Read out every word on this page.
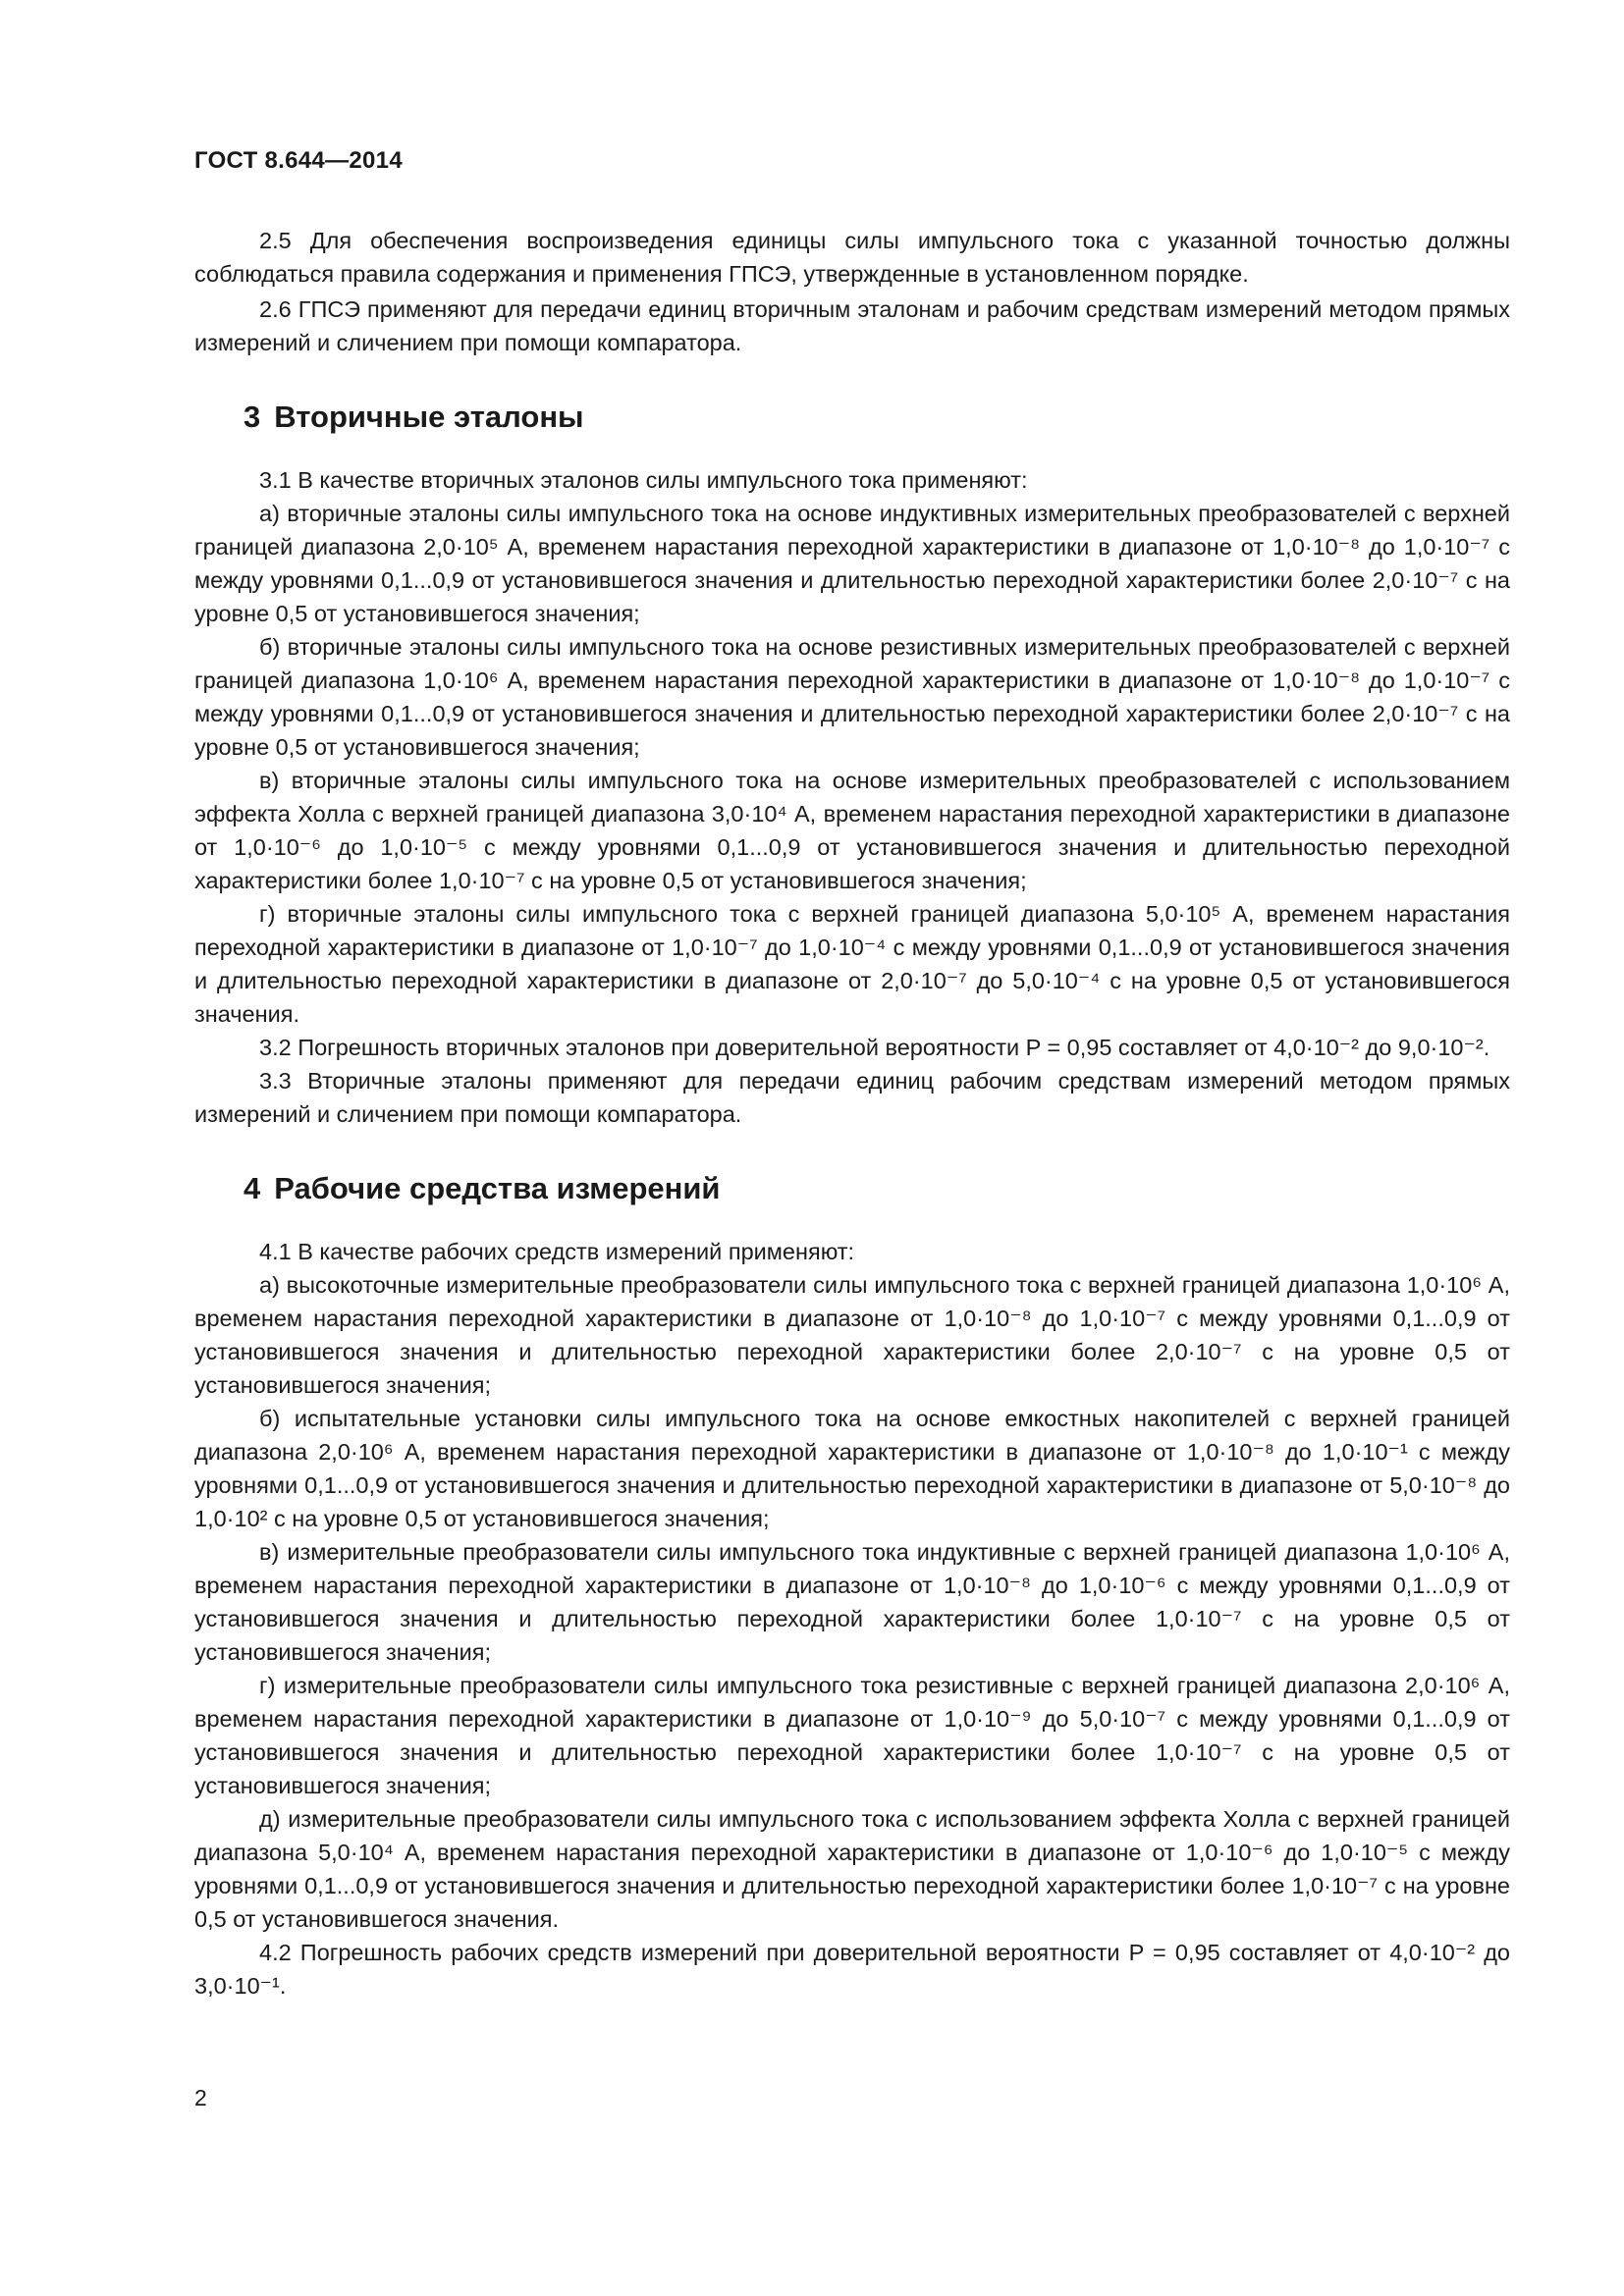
ГОСТ 8.644—2014

2.5 Для обеспечения воспроизведения единицы силы импульсного тока с указанной точностью должны соблюдаться правила содержания и применения ГПСЭ, утвержденные в установленном порядке.

2.6 ГПСЭ применяют для передачи единиц вторичным эталонам и рабочим средствам измерений методом прямых измерений и сличением при помощи компаратора.

3 Вторичные эталоны

3.1 В качестве вторичных эталонов силы импульсного тока применяют:

а) вторичные эталоны силы импульсного тока на основе индуктивных измерительных преобразователей с верхней границей диапазона 2,0·10⁵ А, временем нарастания переходной характеристики в диапазоне от 1,0·10⁻⁸ до 1,0·10⁻⁷ с между уровнями 0,1...0,9 от установившегося значения и длительностью переходной характеристики более 2,0·10⁻⁷ с на уровне 0,5 от установившегося значения;

б) вторичные эталоны силы импульсного тока на основе резистивных измерительных преобразователей с верхней границей диапазона 1,0·10⁶ А, временем нарастания переходной характеристики в диапазоне от 1,0·10⁻⁸ до 1,0·10⁻⁷ с между уровнями 0,1...0,9 от установившегося значения и длительностью переходной характеристики более 2,0·10⁻⁷ с на уровне 0,5 от установившегося значения;

в) вторичные эталоны силы импульсного тока на основе измерительных преобразователей с использованием эффекта Холла с верхней границей диапазона 3,0·10⁴ А, временем нарастания переходной характеристики в диапазоне от 1,0·10⁻⁶ до 1,0·10⁻⁵ с между уровнями 0,1...0,9 от установившегося значения и длительностью переходной характеристики более 1,0·10⁻⁷ с на уровне 0,5 от установившегося значения;

г) вторичные эталоны силы импульсного тока с верхней границей диапазона 5,0·10⁵ А, временем нарастания переходной характеристики в диапазоне от 1,0·10⁻⁷ до 1,0·10⁻⁴ с между уровнями 0,1...0,9 от установившегося значения и длительностью переходной характеристики в диапазоне от 2,0·10⁻⁷ до 5,0·10⁻⁴ с на уровне 0,5 от установившегося значения.

3.2 Погрешность вторичных эталонов при доверительной вероятности P = 0,95 составляет от 4,0·10⁻² до 9,0·10⁻².

3.3 Вторичные эталоны применяют для передачи единиц рабочим средствам измерений методом прямых измерений и сличением при помощи компаратора.

4 Рабочие средства измерений

4.1 В качестве рабочих средств измерений применяют:

а) высокоточные измерительные преобразователи силы импульсного тока с верхней границей диапазона 1,0·10⁶ А, временем нарастания переходной характеристики в диапазоне от 1,0·10⁻⁸ до 1,0·10⁻⁷ с между уровнями 0,1...0,9 от установившегося значения и длительностью переходной характеристики более 2,0·10⁻⁷ с на уровне 0,5 от установившегося значения;

б) испытательные установки силы импульсного тока на основе емкостных накопителей с верхней границей диапазона 2,0·10⁶ А, временем нарастания переходной характеристики в диапазоне от 1,0·10⁻⁸ до 1,0·10⁻¹ с между уровнями 0,1...0,9 от установившегося значения и длительностью переходной характеристики в диапазоне от 5,0·10⁻⁸ до 1,0·10² с на уровне 0,5 от установившегося значения;

в) измерительные преобразователи силы импульсного тока индуктивные с верхней границей диапазона 1,0·10⁶ А, временем нарастания переходной характеристики в диапазоне от 1,0·10⁻⁸ до 1,0·10⁻⁶ с между уровнями 0,1...0,9 от установившегося значения и длительностью переходной характеристики более 1,0·10⁻⁷ с на уровне 0,5 от установившегося значения;

г) измерительные преобразователи силы импульсного тока резистивные с верхней границей диапазона 2,0·10⁶ А, временем нарастания переходной характеристики в диапазоне от 1,0·10⁻⁹ до 5,0·10⁻⁷ с между уровнями 0,1...0,9 от установившегося значения и длительностью переходной характеристики более 1,0·10⁻⁷ с на уровне 0,5 от установившегося значения;

д) измерительные преобразователи силы импульсного тока с использованием эффекта Холла с верхней границей диапазона 5,0·10⁴ А, временем нарастания переходной характеристики в диапазоне от 1,0·10⁻⁶ до 1,0·10⁻⁵ с между уровнями 0,1...0,9 от установившегося значения и длительностью переходной характеристики более 1,0·10⁻⁷ с на уровне 0,5 от установившегося значения.

4.2 Погрешность рабочих средств измерений при доверительной вероятности P = 0,95 составляет от 4,0·10⁻² до 3,0·10⁻¹.

2
